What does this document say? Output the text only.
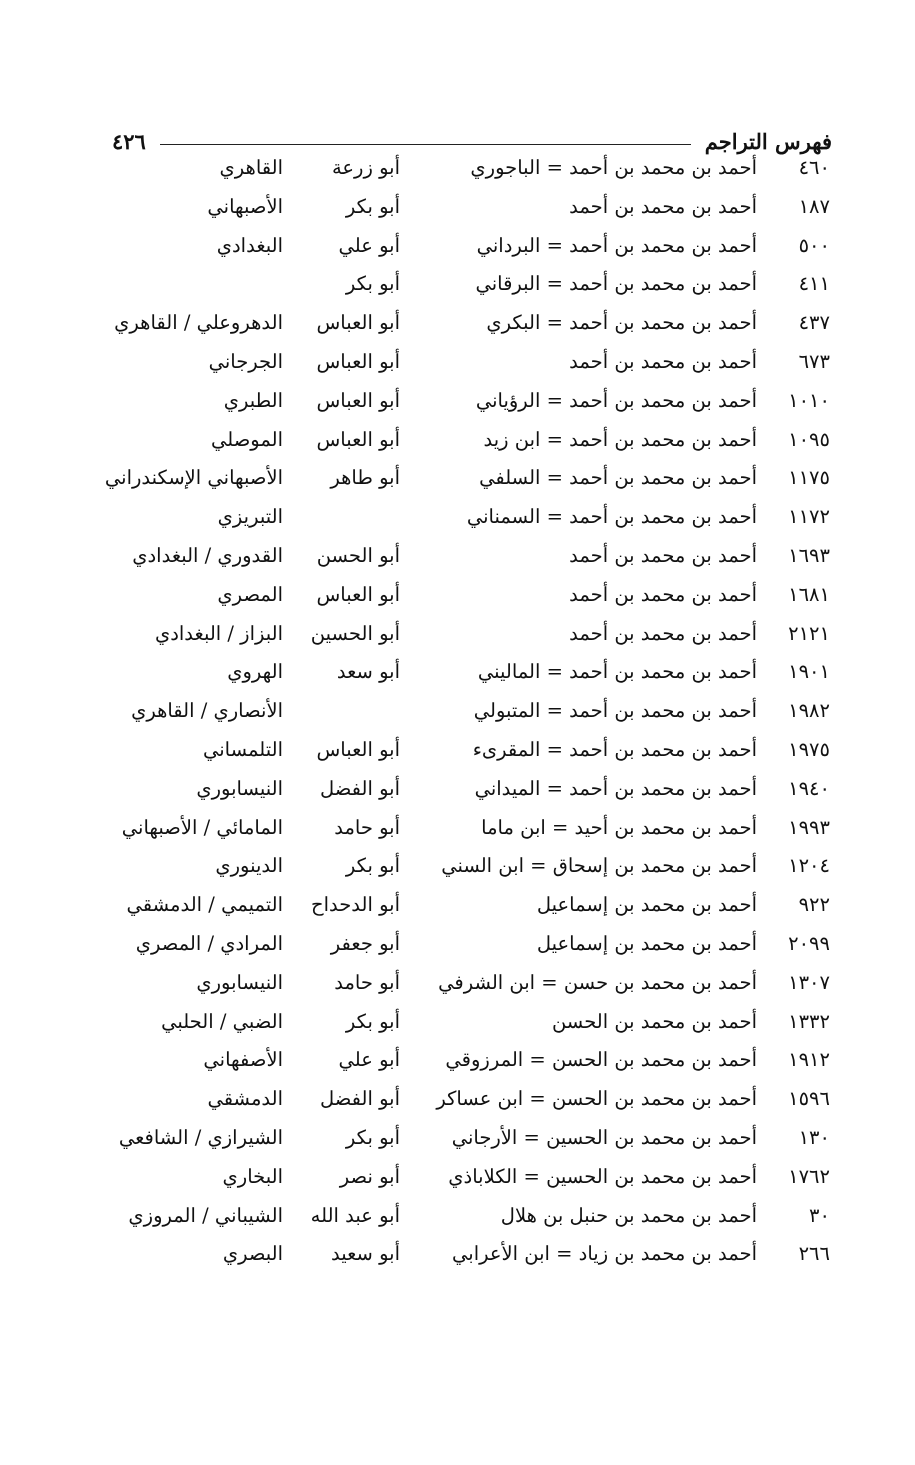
فهرس التراجم
٤٢٦
٤٦٠
أحمد بن محمد بن أحمد = الباجوري
أبو زرعة
القاهري
١٨٧
أحمد بن محمد بن أحمد
أبو بكر
الأصبهاني
٥٠٠
أحمد بن محمد بن أحمد = البرداني
أبو علي
البغدادي
٤١١
أحمد بن محمد بن أحمد = البرقاني
أبو بكر
٤٣٧
أحمد بن محمد بن أحمد = البكري
أبو العباس
الدهروعلي / القاهري
٦٧٣
أحمد بن محمد بن أحمد
أبو العباس
الجرجاني
١٠١٠
أحمد بن محمد بن أحمد = الرؤياني
أبو العباس
الطبري
١٠٩٥
أحمد بن محمد بن أحمد = ابن زيد
أبو العباس
الموصلي
١١٧٥
أحمد بن محمد بن أحمد = السلفي
أبو طاهر
الأصبهاني الإسكندراني
١١٧٢
أحمد بن محمد بن أحمد = السمناني
التبريزي
١٦٩٣
أحمد بن محمد بن أحمد
أبو الحسن
القدوري / البغدادي
١٦٨١
أحمد بن محمد بن أحمد
أبو العباس
المصري
٢١٢١
أحمد بن محمد بن أحمد
أبو الحسين
البزاز / البغدادي
١٩٠١
أحمد بن محمد بن أحمد = الماليني
أبو سعد
الهروي
١٩٨٢
أحمد بن محمد بن أحمد = المتبولي
الأنصاري / القاهري
١٩٧٥
أحمد بن محمد بن أحمد = المقرىء
أبو العباس
التلمساني
١٩٤٠
أحمد بن محمد بن أحمد = الميداني
أبو الفضل
النيسابوري
١٩٩٣
أحمد بن محمد بن أحيد = ابن ماما
أبو حامد
المامائي / الأصبهاني
١٢٠٤
أحمد بن محمد بن إسحاق = ابن السني
أبو بكر
الدينوري
٩٢٢
أحمد بن محمد بن إسماعيل
أبو الدحداح
التميمي / الدمشقي
٢٠٩٩
أحمد بن محمد بن إسماعيل
أبو جعفر
المرادي / المصري
١٣٠٧
أحمد بن محمد بن حسن = ابن الشرفي
أبو حامد
النيسابوري
١٣٣٢
أحمد بن محمد بن الحسن
أبو بكر
الضبي / الحلبي
١٩١٢
أحمد بن محمد بن الحسن = المرزوقي
أبو علي
الأصفهاني
١٥٩٦
أحمد بن محمد بن الحسن = ابن عساكر
أبو الفضل
الدمشقي
١٣٠
أحمد بن محمد بن الحسين = الأرجاني
أبو بكر
الشيرازي / الشافعي
١٧٦٢
أحمد بن محمد بن الحسين = الكلاباذي
أبو نصر
البخاري
٣٠
أحمد بن محمد بن حنبل بن هلال
أبو عبد الله
الشيباني / المروزي
٢٦٦
أحمد بن محمد بن زياد = ابن الأعرابي
أبو سعيد
البصري
